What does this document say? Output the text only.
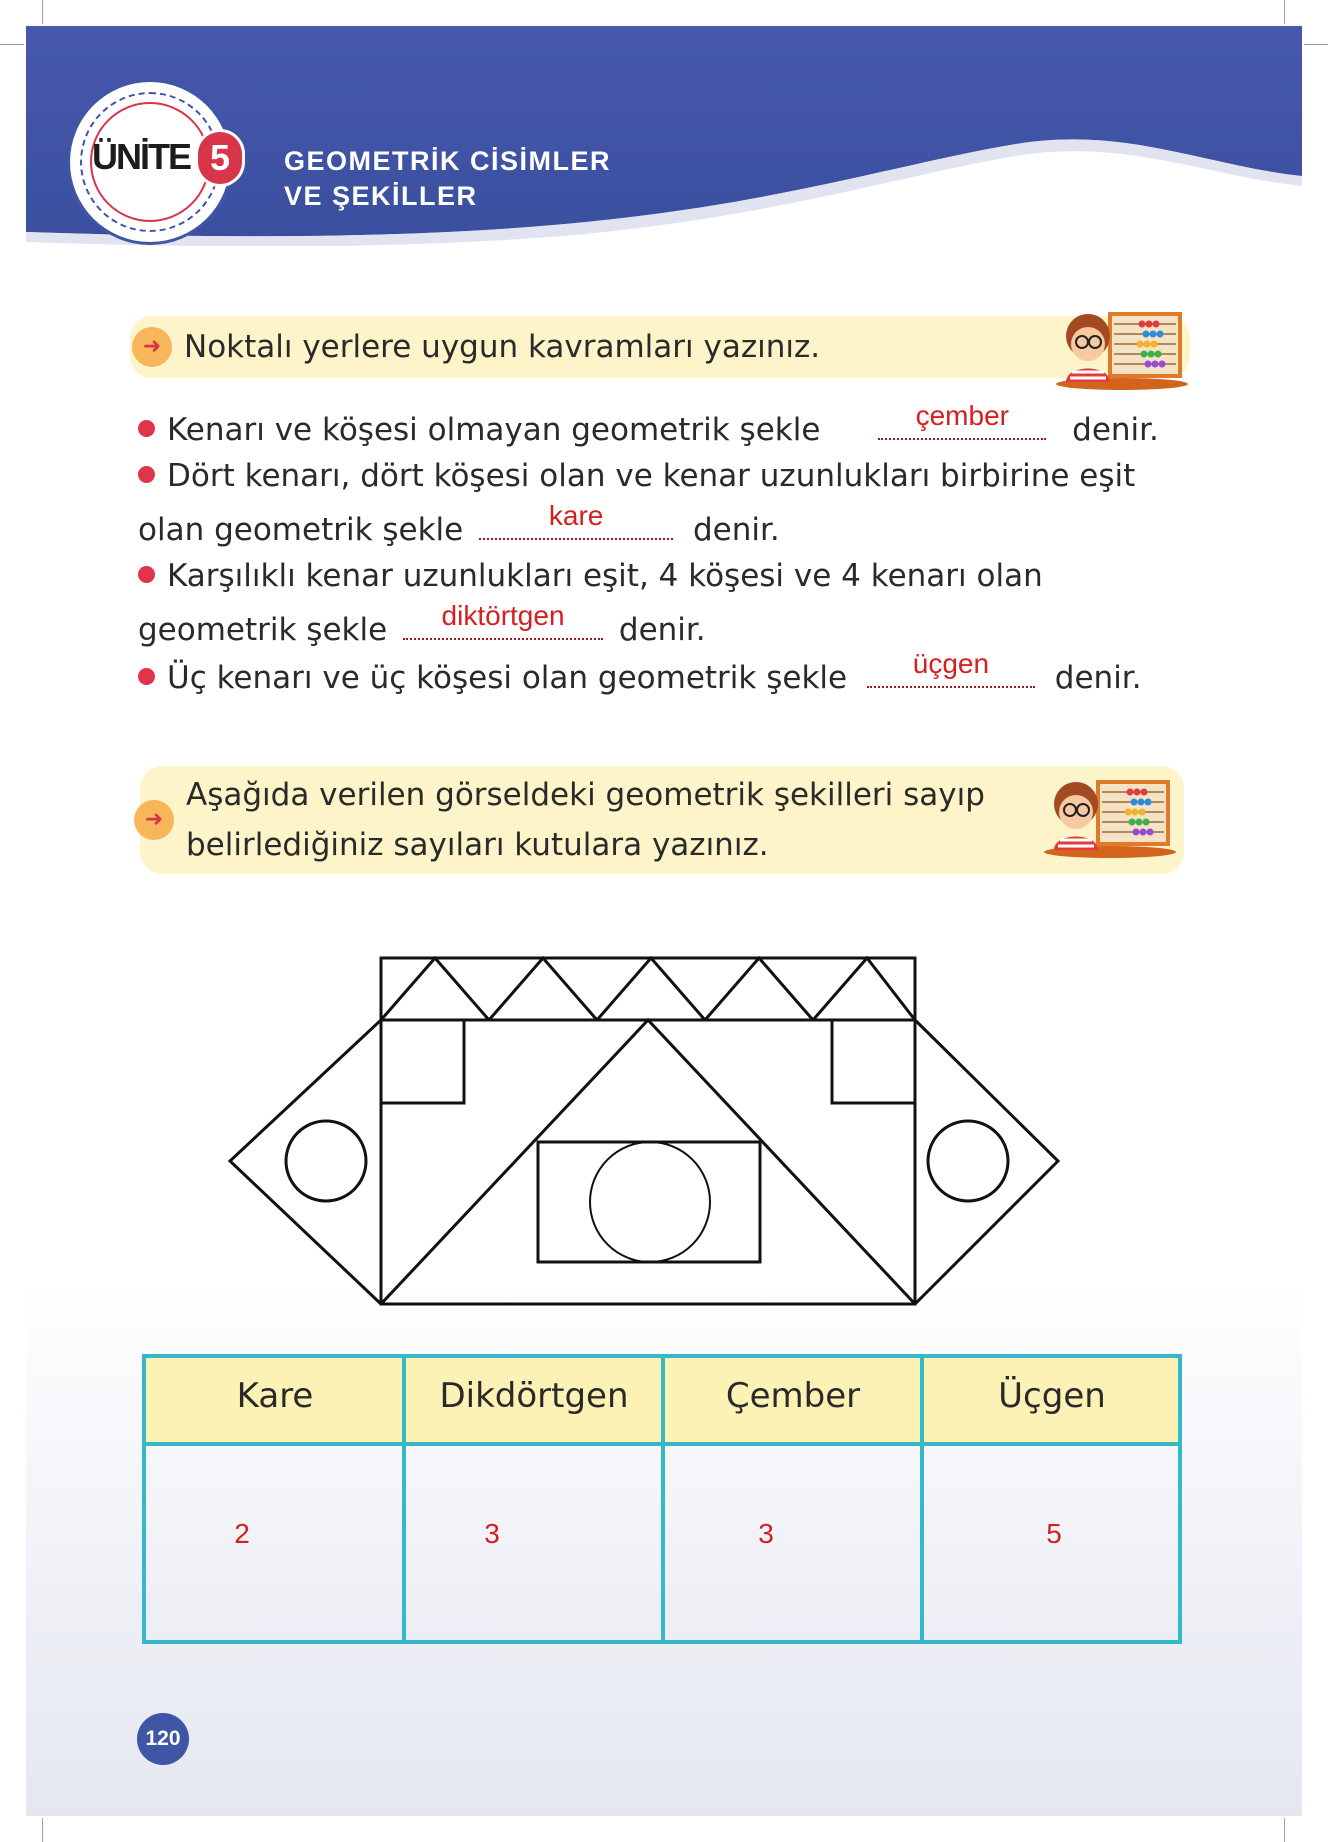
GEOMETRİK CİSİMLER
VE ŞEKİLLER
ÜNİTE 5
➜ Noktalı yerlere uygun kavramları yazınız.
Kenarı ve köşesi olmayan geometrik şekle	çember	denir.
Dört kenarı, dört köşesi olan ve kenar uzunlukları birbirine eşit
olan geometrik şekle	kare	denir.
Karşılıklı kenar uzunlukları eşit, 4 köşesi ve 4 kenarı olan
geometrik şekle	diktörtgen	denir.
Üç kenarı ve üç köşesi olan geometrik şekle	üçgen	denir.
➜
Aşağıda verilen görseldeki geometrik şekilleri sayıp
belirlediğiniz sayıları kutulara yazınız.
Kare	Dikdörtgen	Çember	Üçgen
2	3	3	5
120
